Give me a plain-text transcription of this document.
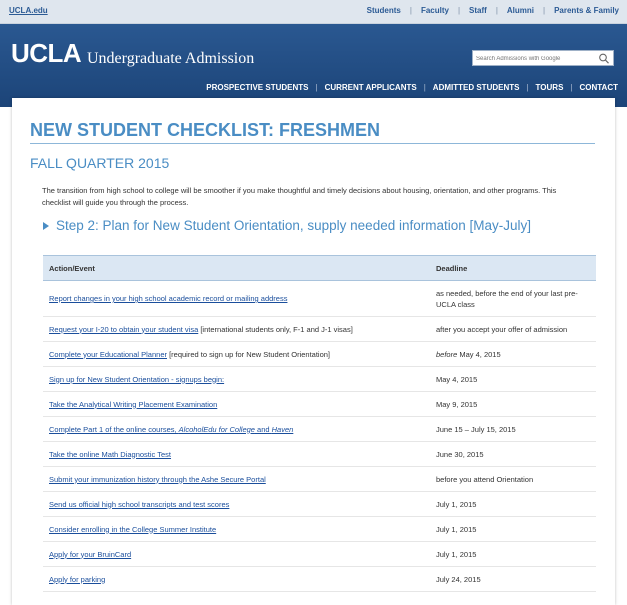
UCLA.edu	Students | Faculty | Staff | Alumni | Parents & Family
UCLA Undergraduate Admission
Search Admissions with Google
PROSPECTIVE STUDENTS | CURRENT APPLICANTS | ADMITTED STUDENTS | TOURS | CONTACT
NEW STUDENT CHECKLIST: FRESHMEN
FALL QUARTER 2015
The transition from high school to college will be smoother if you make thoughtful and timely decisions about housing, orientation, and other programs. This checklist will guide you through the process.
Step 2: Plan for New Student Orientation, supply needed information [May-July]
Action/Event	Deadline
Report changes in your high school academic record or mailing address	as needed, before the end of your last pre-UCLA class
Request your I-20 to obtain your student visa [international students only, F-1 and J-1 visas]	after you accept your offer of admission
Complete your Educational Planner [required to sign up for New Student Orientation]	before May 4, 2015
Sign up for New Student Orientation - signups begin:	May 4, 2015
Take the Analytical Writing Placement Examination	May 9, 2015
Complete Part 1 of the online courses, AlcoholEdu for College and Haven	June 15 – July 15, 2015
Take the online Math Diagnostic Test	June 30, 2015
Submit your immunization history through the Ashe Secure Portal	before you attend Orientation
Send us official high school transcripts and test scores	July 1, 2015
Consider enrolling in the College Summer Institute	July 1, 2015
Apply for your BruinCard	July 1, 2015
Apply for parking	July 24, 2015
